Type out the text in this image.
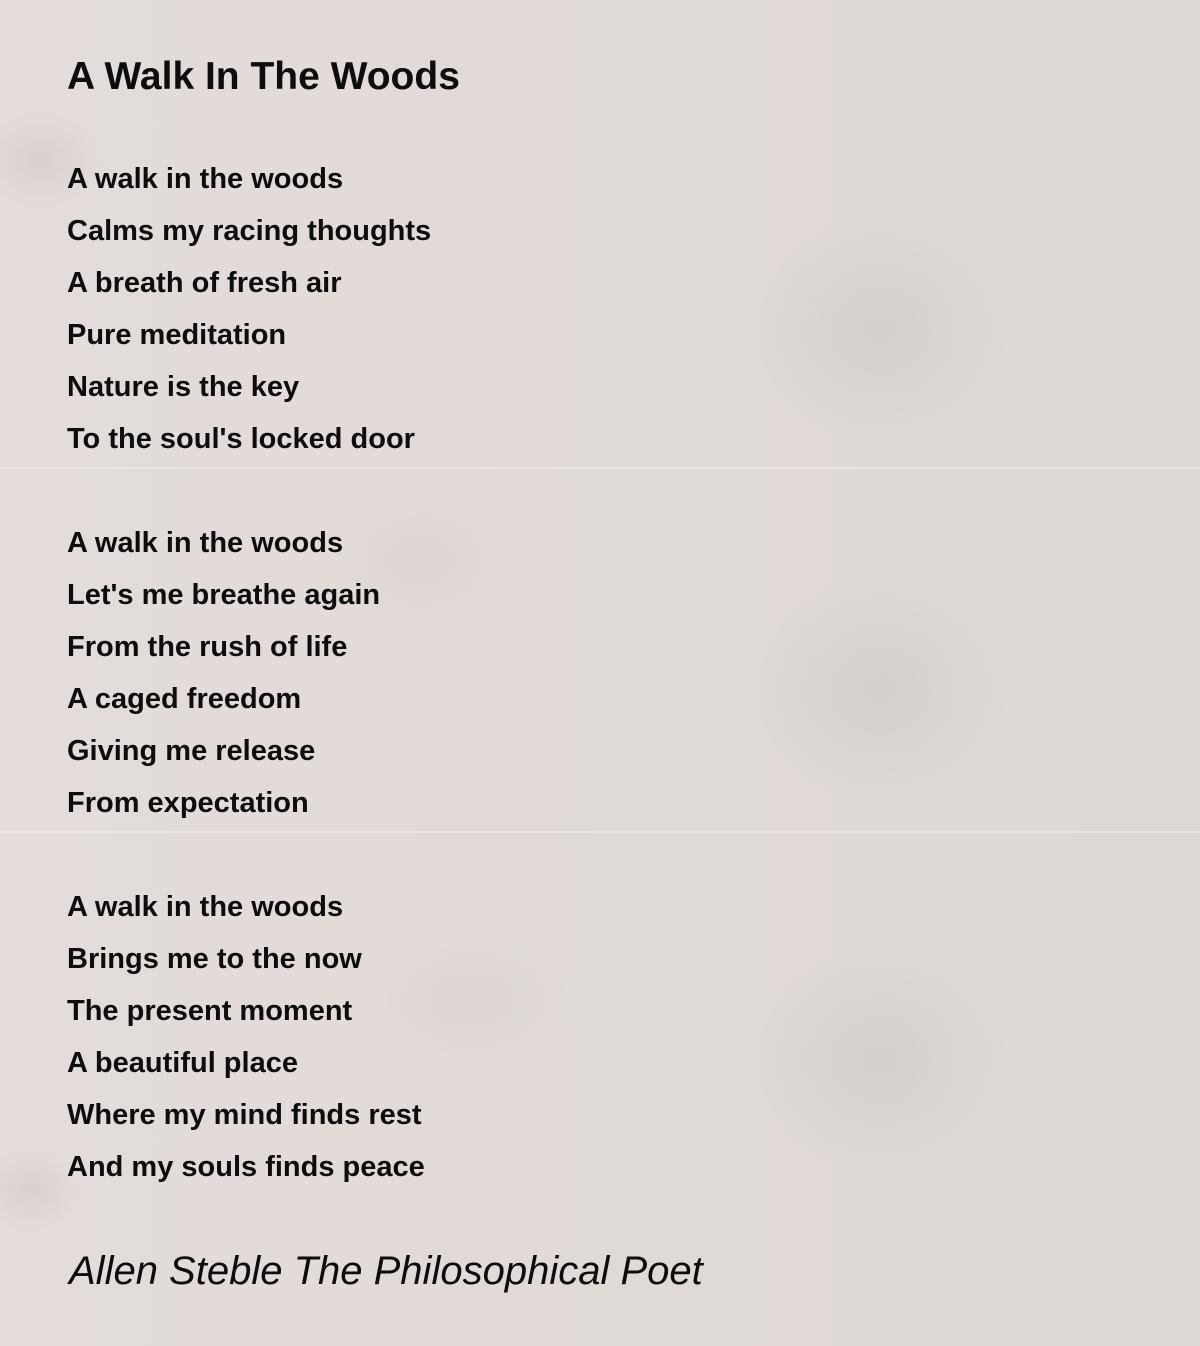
A Walk In The Woods
A walk in the woods
Calms my racing thoughts
A breath of fresh air
Pure meditation
Nature is the key
To the soul's locked door
A walk in the woods
Let's me breathe again
From the rush of life
A caged freedom
Giving me release
From expectation
A walk in the woods
Brings me to the now
The present moment
A beautiful place
Where my mind finds rest
And my souls finds peace
Allen Steble The Philosophical Poet
